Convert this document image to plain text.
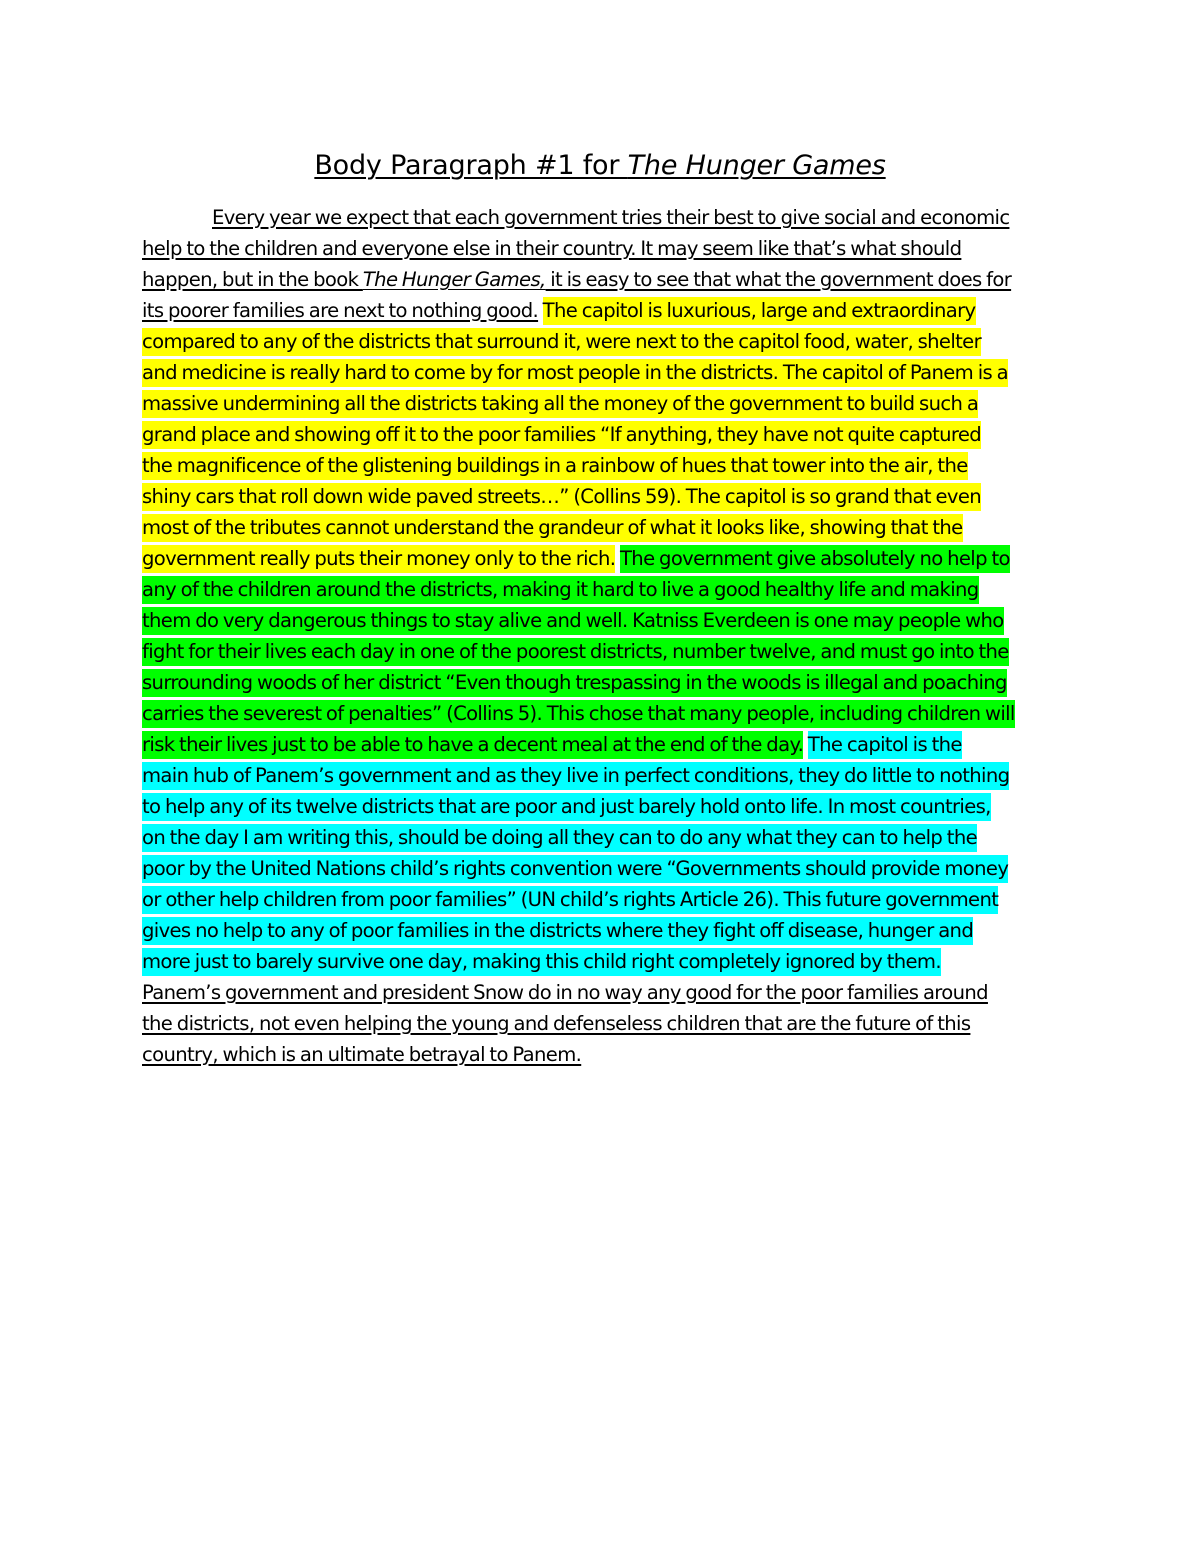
Body Paragraph #1 for The Hunger Games
Every year we expect that each government tries their best to give social and economic
help to the children and everyone else in their country. It may seem like that’s what should
happen, but in the book The Hunger Games, it is easy to see that what the government does for
its poorer families are next to nothing good. The capitol is luxurious, large and extraordinary
compared to any of the districts that surround it, were next to the capitol food, water, shelter
and medicine is really hard to come by for most people in the districts. The capitol of Panem is a
massive undermining all the districts taking all the money of the government to build such a
grand place and showing off it to the poor families “If anything, they have not quite captured
the magnificence of the glistening buildings in a rainbow of hues that tower into the air, the
shiny cars that roll down wide paved streets…” (Collins 59). The capitol is so grand that even
most of the tributes cannot understand the grandeur of what it looks like, showing that the
government really puts their money only to the rich. The government give absolutely no help to
any of the children around the districts, making it hard to live a good healthy life and making
them do very dangerous things to stay alive and well. Katniss Everdeen is one may people who
fight for their lives each day in one of the poorest districts, number twelve, and must go into the
surrounding woods of her district “Even though trespassing in the woods is illegal and poaching
carries the severest of penalties” (Collins 5). This chose that many people, including children will
risk their lives just to be able to have a decent meal at the end of the day. The capitol is the
main hub of Panem’s government and as they live in perfect conditions, they do little to nothing
to help any of its twelve districts that are poor and just barely hold onto life. In most countries,
on the day I am writing this, should be doing all they can to do any what they can to help the
poor by the United Nations child’s rights convention were “Governments should provide money
or other help children from poor families” (UN child’s rights Article 26). This future government
gives no help to any of poor families in the districts where they fight off disease, hunger and
more just to barely survive one day, making this child right completely ignored by them.
Panem’s government and president Snow do in no way any good for the poor families around
the districts, not even helping the young and defenseless children that are the future of this
country, which is an ultimate betrayal to Panem.
